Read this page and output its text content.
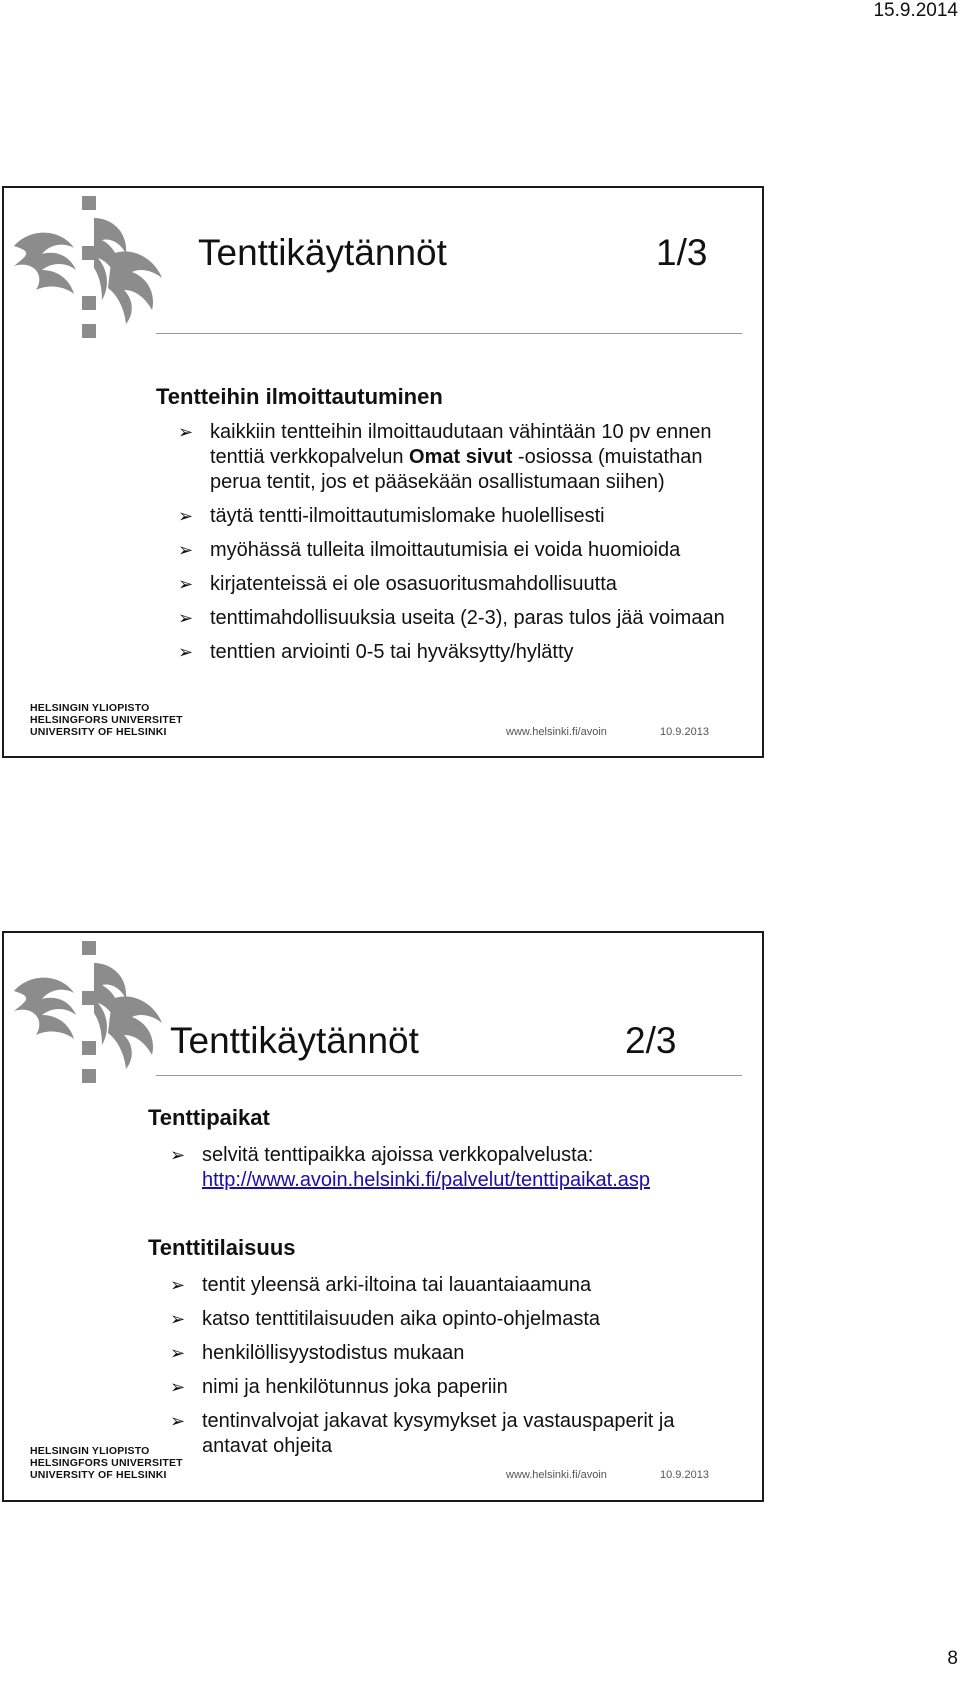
15.9.2014
Tenttikäytännöt	1/3
Tentteihin ilmoittautuminen
➢ kaikkiin tentteihin ilmoittaudutaan vähintään 10 pv ennen tenttiä verkkopalvelun Omat sivut -osiossa (muistathan perua tentit, jos et pääsekään osallistumaan siihen)
➢ täytä tentti-ilmoittautumislomake huolellisesti
➢ myöhässä tulleita ilmoittautumisia ei voida huomioida
➢ kirjatenteissä ei ole osasuoritusmahdollisuutta
➢ tenttimahdollisuuksia useita (2-3), paras tulos jää voimaan
➢ tenttien arviointi 0-5 tai hyväksytty/hylätty
HELSINGIN YLIOPISTO
HELSINGFORS UNIVERSITET
UNIVERSITY OF HELSINKI	www.helsinki.fi/avoin	10.9.2013
Tenttikäytännöt	2/3
Tenttipaikat
➢ selvitä tenttipaikka ajoissa verkkopalvelusta:
http://www.avoin.helsinki.fi/palvelut/tenttipaikat.asp
Tenttitilaisuus
➢ tentit yleensä arki-iltoina tai lauantaiaamuna
➢ katso tenttitilaisuuden aika opinto-ohjelmasta
➢ henkilöllisyystodistus mukaan
➢ nimi ja henkilötunnus joka paperiin
➢ tentinvalvojat jakavat kysymykset ja vastauspaperit ja antavat ohjeita
HELSINGIN YLIOPISTO
HELSINGFORS UNIVERSITET
UNIVERSITY OF HELSINKI	www.helsinki.fi/avoin	10.9.2013
8
